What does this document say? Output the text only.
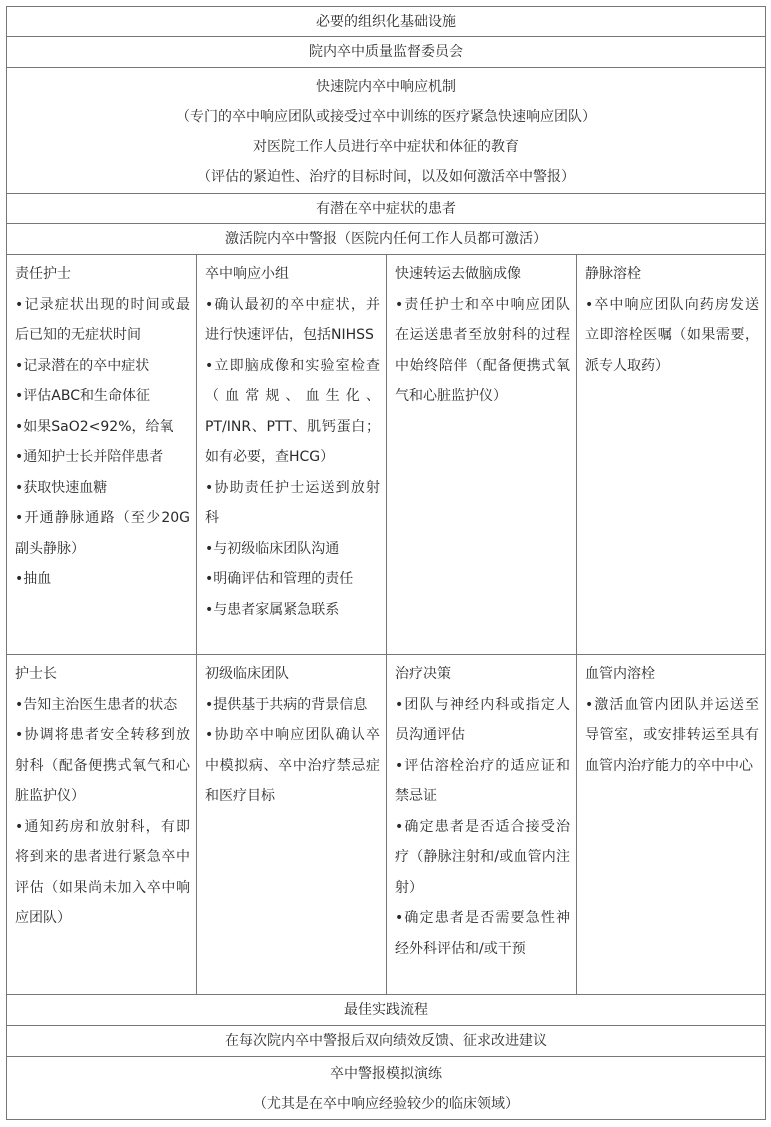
必要的组织化基础设施
院内卒中质量监督委员会
快速院内卒中响应机制
（专门的卒中响应团队或接受过卒中训练的医疗紧急快速响应团队）
对医院工作人员进行卒中症状和体征的教育
（评估的紧迫性、治疗的目标时间，以及如何激活卒中警报）
有潜在卒中症状的患者
激活院内卒中警报（医院内任何工作人员都可激活）
责任护士
•记录症状出现的时间或最后已知的无症状时间
•记录潜在的卒中症状
•评估ABC和生命体征
•如果SaO2<92%，给氧
•通知护士长并陪伴患者
•获取快速血糖
•开通静脉通路（至少20G副头静脉）
•抽血
卒中响应小组
•确认最初的卒中症状，并进行快速评估，包括NIHSS
•立即脑成像和实验室检查（血常规、血生化、PT/INR、PTT、肌钙蛋白；如有必要，查HCG）
•协助责任护士运送到放射科
•与初级临床团队沟通
•明确评估和管理的责任
•与患者家属紧急联系
快速转运去做脑成像
•责任护士和卒中响应团队在运送患者至放射科的过程中始终陪伴（配备便携式氧气和心脏监护仪）
静脉溶栓
•卒中响应团队向药房发送立即溶栓医嘱（如果需要，派专人取药）
护士长
•告知主治医生患者的状态
•协调将患者安全转移到放射科（配备便携式氧气和心脏监护仪）
•通知药房和放射科，有即将到来的患者进行紧急卒中评估（如果尚未加入卒中响应团队）
初级临床团队
•提供基于共病的背景信息
•协助卒中响应团队确认卒中模拟病、卒中治疗禁忌症和医疗目标
治疗决策
•团队与神经内科或指定人员沟通评估
•评估溶栓治疗的适应证和禁忌证
•确定患者是否适合接受治疗（静脉注射和/或血管内注射）
•确定患者是否需要急性神经外科评估和/或干预
血管内溶栓
•激活血管内团队并运送至导管室，或安排转运至具有血管内治疗能力的卒中中心
最佳实践流程
在每次院内卒中警报后双向绩效反馈、征求改进建议
卒中警报模拟演练
（尤其是在卒中响应经验较少的临床领域）
